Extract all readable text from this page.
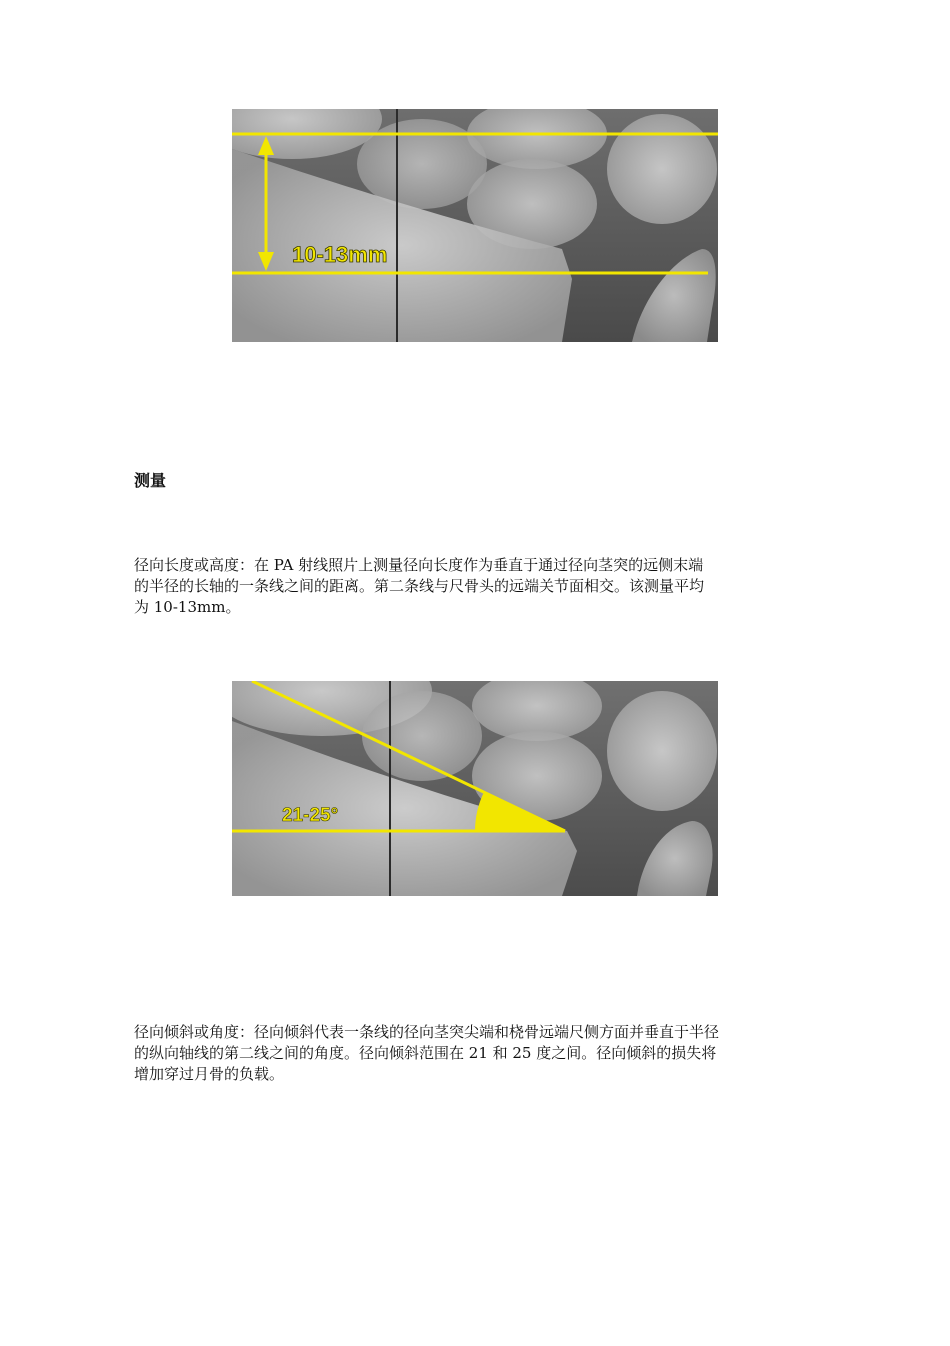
10-13mm
测量
径向长度或高度：在 PA 射线照片上测量径向长度作为垂直于通过径向茎突的远侧末端
的半径的长轴的一条线之间的距离。第二条线与尺骨头的远端关节面相交。该测量平均
为 10-13mm。
21-25°
径向倾斜或角度：径向倾斜代表一条线的径向茎突尖端和桡骨远端尺侧方面并垂直于半径
的纵向轴线的第二线之间的角度。径向倾斜范围在 21 和 25 度之间。径向倾斜的损失将
增加穿过月骨的负载。
